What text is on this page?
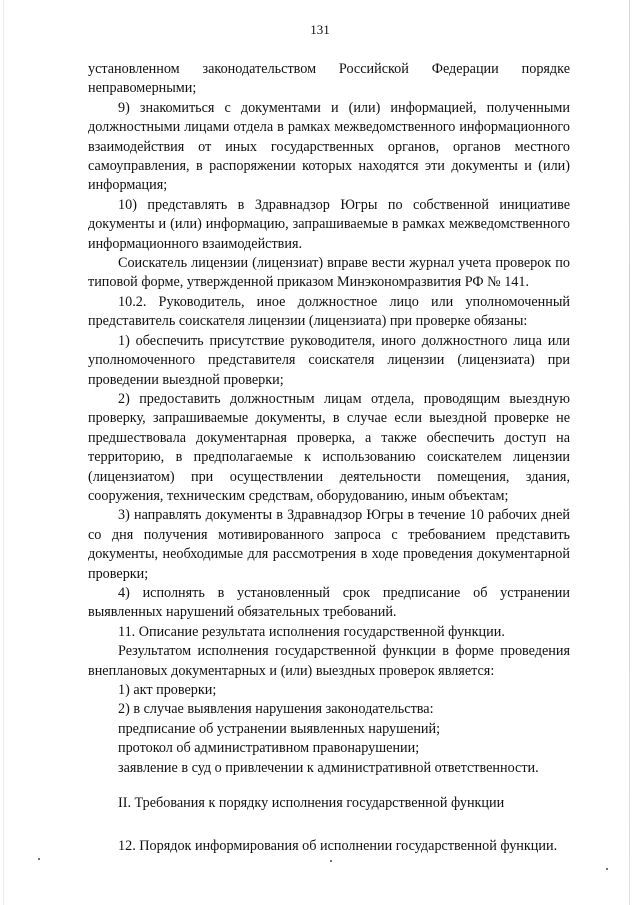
131

установленном законодательством Российской Федерации порядке неправомерными;

9) знакомиться с документами и (или) информацией, полученными должностными лицами отдела в рамках межведомственного информационного взаимодействия от иных государственных органов, органов местного самоуправления, в распоряжении которых находятся эти документы и (или) информация;

10) представлять в Здравнадзор Югры по собственной инициативе документы и (или) информацию, запрашиваемые в рамках межведомственного информационного взаимодействия.

Соискатель лицензии (лицензиат) вправе вести журнал учета проверок по типовой форме, утвержденной приказом Минэкономразвития РФ № 141.

10.2. Руководитель, иное должностное лицо или уполномоченный представитель соискателя лицензии (лицензиата) при проверке обязаны:

1) обеспечить присутствие руководителя, иного должностного лица или уполномоченного представителя соискателя лицензии (лицензиата) при проведении выездной проверки;

2) предоставить должностным лицам отдела, проводящим выездную проверку, запрашиваемые документы, в случае если выездной проверке не предшествовала документарная проверка, а также обеспечить доступ на территорию, в предполагаемые к использованию соискателем лицензии (лицензиатом) при осуществлении деятельности помещения, здания, сооружения, техническим средствам, оборудованию, иным объектам;

3) направлять документы в Здравнадзор Югры в течение 10 рабочих дней со дня получения мотивированного запроса с требованием представить документы, необходимые для рассмотрения в ходе проведения документарной проверки;

4) исполнять в установленный срок предписание об устранении выявленных нарушений обязательных требований.

11. Описание результата исполнения государственной функции.

Результатом исполнения государственной функции в форме проведения внеплановых документарных и (или) выездных проверок является:

1) акт проверки;

2) в случае выявления нарушения законодательства:

предписание об устранении выявленных нарушений;

протокол об административном правонарушении;

заявление в суд о привлечении к административной ответственности.

II. Требования к порядку исполнения государственной функции

12. Порядок информирования об исполнении государственной функции.
